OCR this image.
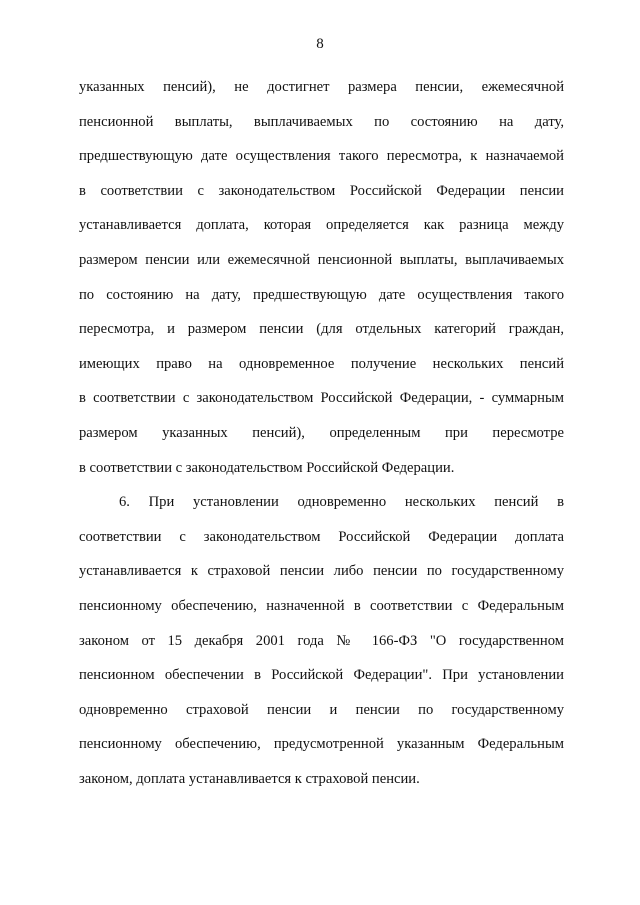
8
указанных пенсий), не достигнет размера пенсии, ежемесячной
пенсионной выплаты, выплачиваемых по состоянию на дату,
предшествующую дате осуществления такого пересмотра, к назначаемой
в соответствии с законодательством Российской Федерации пенсии
устанавливается доплата, которая определяется как разница между
размером пенсии или ежемесячной пенсионной выплаты, выплачиваемых
по состоянию на дату, предшествующую дате осуществления такого
пересмотра, и размером пенсии (для отдельных категорий граждан,
имеющих право на одновременное получение нескольких пенсий
в соответствии с законодательством Российской Федерации, - суммарным
размером указанных пенсий), определенным при пересмотре
в соответствии с законодательством Российской Федерации.
6. При установлении одновременно нескольких пенсий в
соответствии с законодательством Российской Федерации доплата
устанавливается к страховой пенсии либо пенсии по государственному
пенсионному обеспечению, назначенной в соответствии с Федеральным
законом от 15 декабря 2001 года № 166-ФЗ "О государственном
пенсионном обеспечении в Российской Федерации". При установлении
одновременно страховой пенсии и пенсии по государственному
пенсионному обеспечению, предусмотренной указанным Федеральным
законом, доплата устанавливается к страховой пенсии.
